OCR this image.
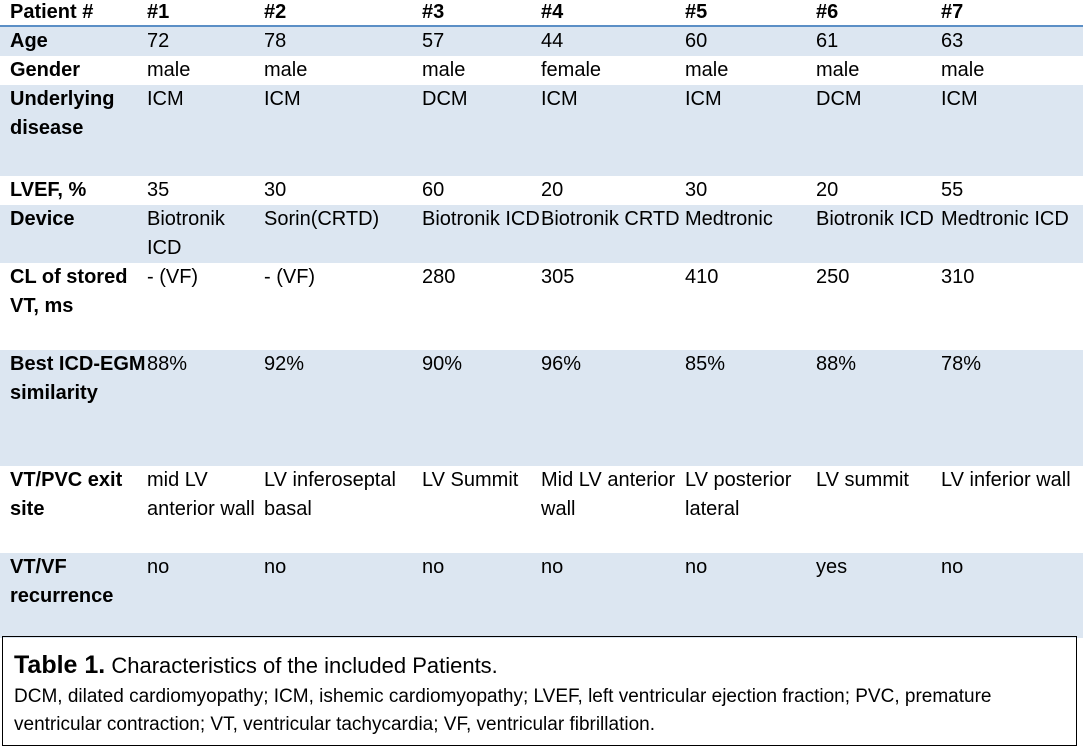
Patient #	#1	#2	#3	#4	#5	#6	#7
Age	72	78	57	44	60	61	63
Gender	male	male	male	female	male	male	male
Underlying disease	ICM	ICM	DCM	ICM	ICM	DCM	ICM
LVEF, %	35	30	60	20	30	20	55
Device	Biotronik ICD	Sorin(CRTD)	Biotronik ICD	Biotronik CRTD	Medtronic	Biotronik ICD	Medtronic ICD
CL of stored VT, ms	- (VF)	- (VF)	280	305	410	250	310
Best ICD-EGM similarity	88%	92%	90%	96%	85%	88%	78%
VT/PVC exit site	mid LV anterior wall	LV inferoseptal basal	LV Summit	Mid LV anterior wall	LV posterior lateral	LV summit	LV inferior wall
VT/VF recurrence	no	no	no	no	no	yes	no
Table 1. Characteristics of the included Patients.
DCM, dilated cardiomyopathy; ICM, ishemic cardiomyopathy; LVEF, left ventricular ejection fraction; PVC, premature ventricular contraction; VT, ventricular tachycardia; VF, ventricular fibrillation.
